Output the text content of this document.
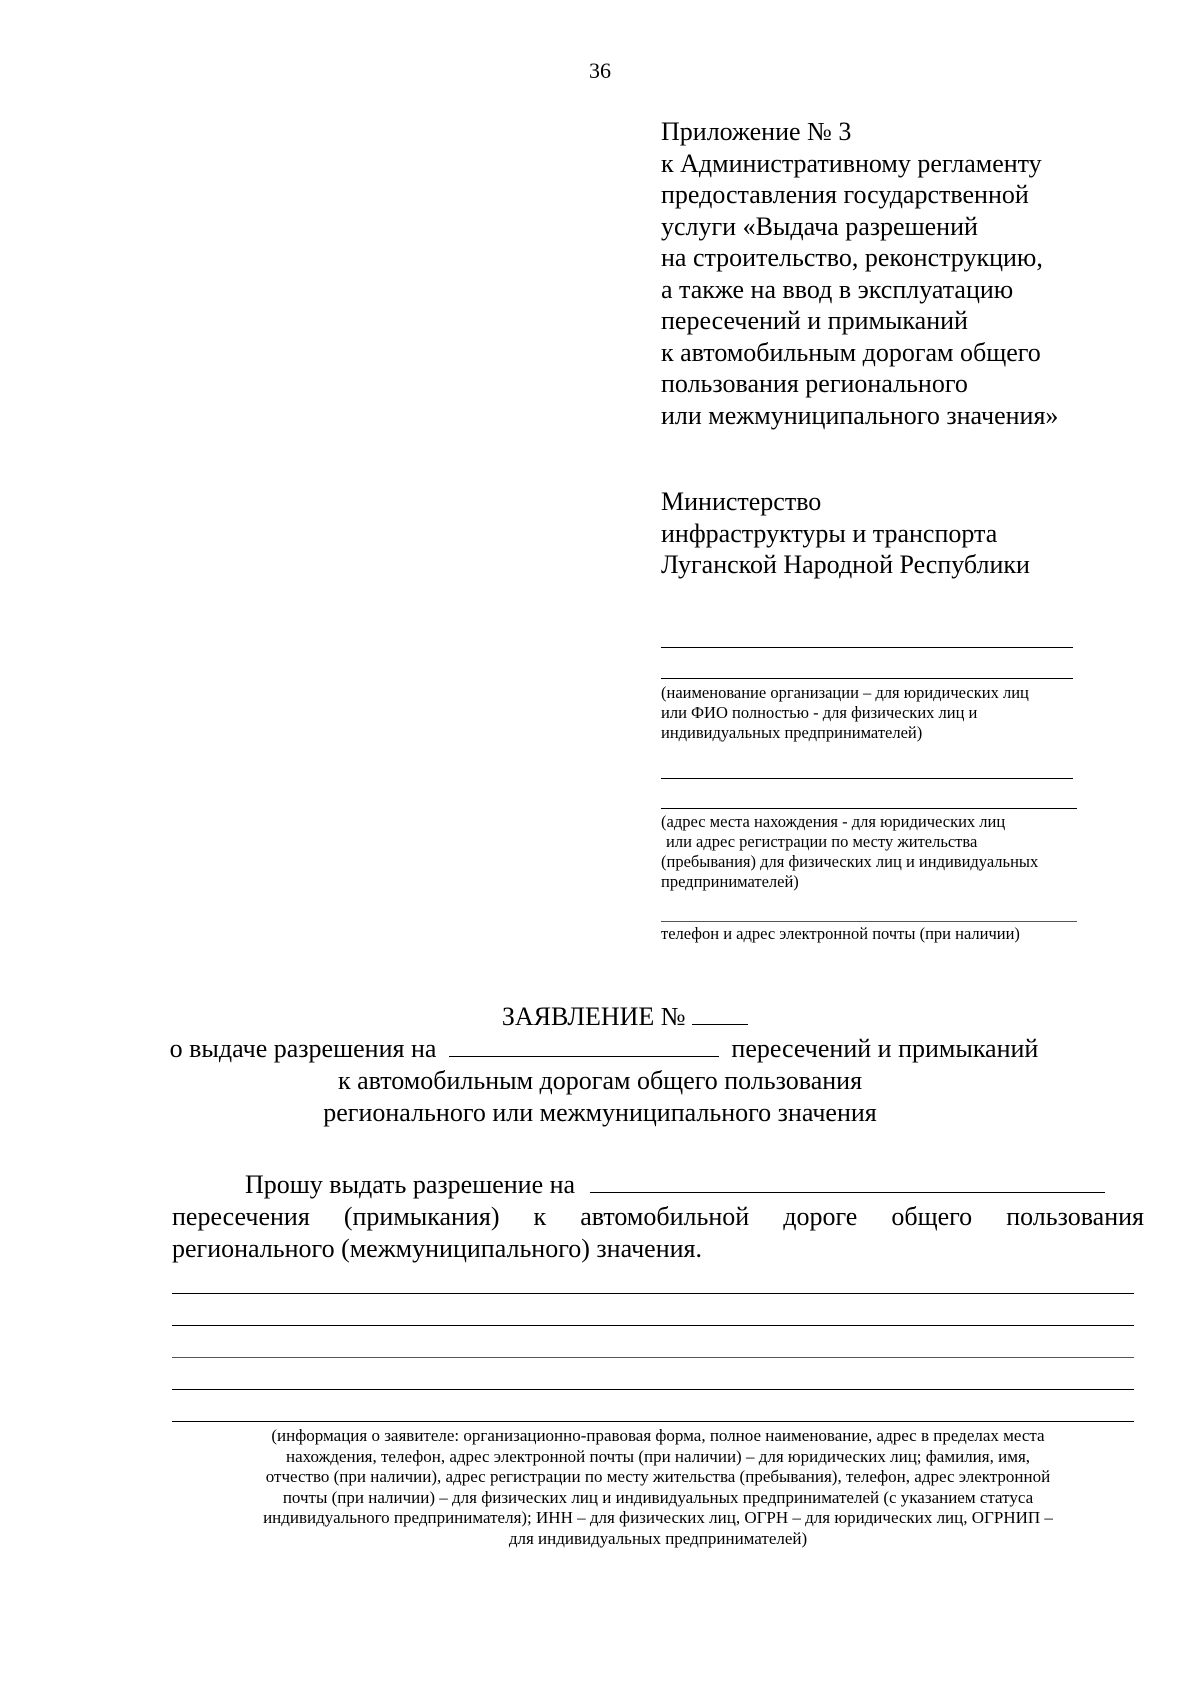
36
Приложение № 3
к Административному регламенту
предоставления государственной
услуги «Выдача разрешений
на строительство, реконструкцию,
а также на ввод в эксплуатацию
пересечений и примыканий
к автомобильным дорогам общего
пользования регионального
или межмуниципального значения»
Министерство
инфраструктуры и транспорта
Луганской Народной Республики
(наименование организации – для юридических лиц
или ФИО полностью - для физических лиц и
индивидуальных предпринимателей)
(адрес места нахождения - для юридических лиц
или адрес регистрации по месту жительства
(пребывания) для физических лиц и индивидуальных
предпринимателей)
телефон и адрес электронной почты (при наличии)
ЗАЯВЛЕНИЕ №
о выдаче разрешения на	пересечений и примыканий
к автомобильным дорогам общего пользования
регионального или межмуниципального значения
Прошу выдать разрешение на
пересечения (примыкания) к автомобильной дороге общего пользования
регионального (межмуниципального) значения.
(информация о заявителе: организационно-правовая форма, полное наименование, адрес в пределах места
нахождения, телефон, адрес электронной почты (при наличии) – для юридических лиц; фамилия, имя,
отчество (при наличии), адрес регистрации по месту жительства (пребывания), телефон, адрес электронной
почты (при наличии) – для физических лиц и индивидуальных предпринимателей (с указанием статуса
индивидуального предпринимателя); ИНН – для физических лиц, ОГРН – для юридических лиц, ОГРНИП –
для индивидуальных предпринимателей)
